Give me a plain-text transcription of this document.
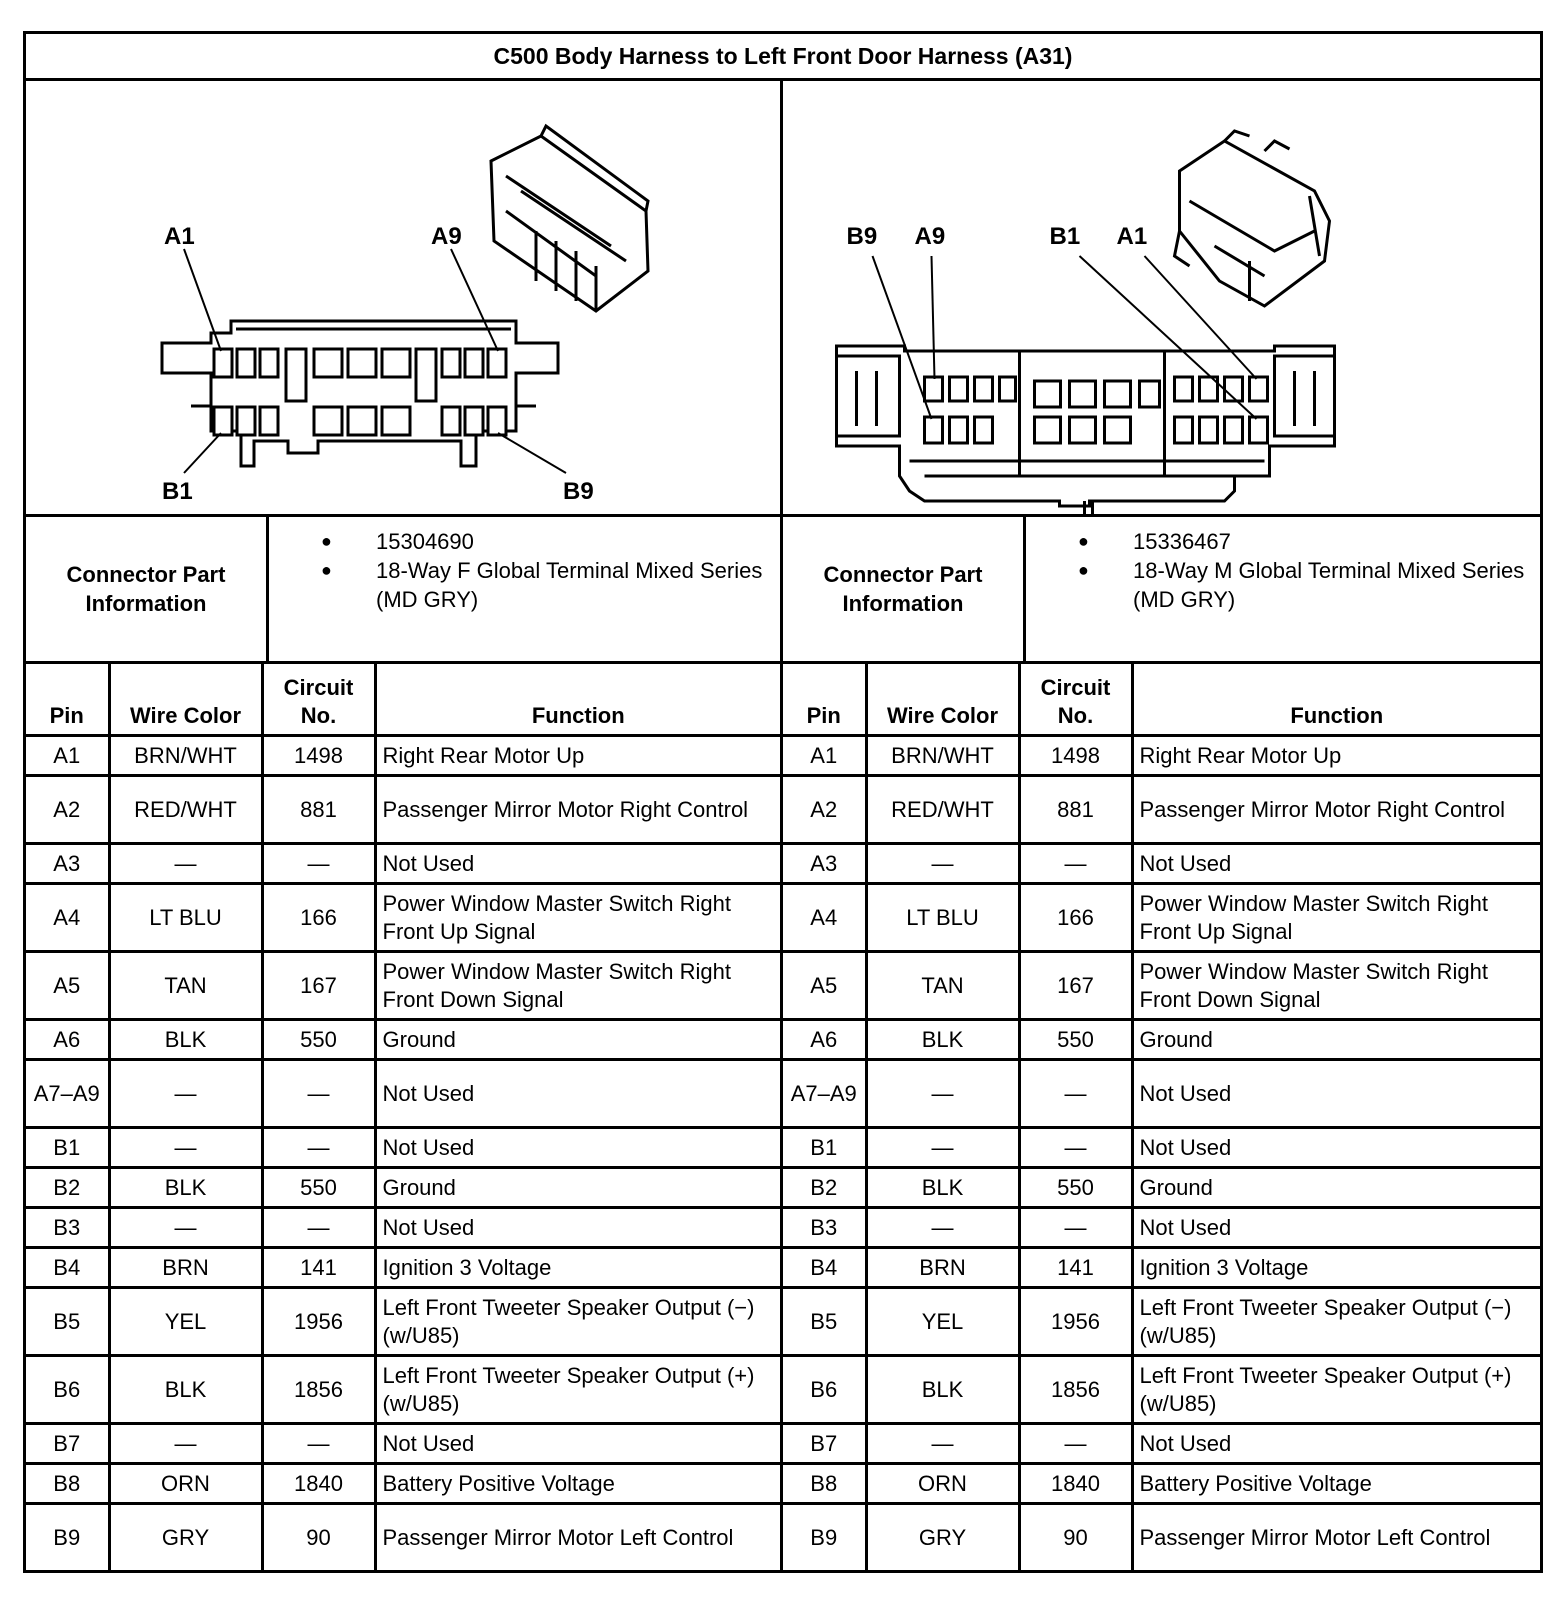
C500 Body Harness to Left Front Door Harness (A31)
A1	A9
B1	B9
B9 A9	B1 A1
Connector Part Information
●	15304690
●	18-Way F Global Terminal Mixed Series (MD GRY)
Connector Part Information
●	15336467
●	18-Way M Global Terminal Mixed Series (MD GRY)
Pin	Wire Color	Circuit No.	Function
A1	BRN/WHT	1498	Right Rear Motor Up
A2	RED/WHT	881	Passenger Mirror Motor Right Control
A3	—	—	Not Used
A4	LT BLU	166	Power Window Master Switch Right Front Up Signal
A5	TAN	167	Power Window Master Switch Right Front Down Signal
A6	BLK	550	Ground
A7–A9	—	—	Not Used
B1	—	—	Not Used
B2	BLK	550	Ground
B3	—	—	Not Used
B4	BRN	141	Ignition 3 Voltage
B5	YEL	1956	Left Front Tweeter Speaker Output (−) (w/U85)
B6	BLK	1856	Left Front Tweeter Speaker Output (+) (w/U85)
B7	—	—	Not Used
B8	ORN	1840	Battery Positive Voltage
B9	GRY	90	Passenger Mirror Motor Left Control
Pin	Wire Color	Circuit No.	Function
A1	BRN/WHT	1498	Right Rear Motor Up
A2	RED/WHT	881	Passenger Mirror Motor Right Control
A3	—	—	Not Used
A4	LT BLU	166	Power Window Master Switch Right Front Up Signal
A5	TAN	167	Power Window Master Switch Right Front Down Signal
A6	BLK	550	Ground
A7–A9	—	—	Not Used
B1	—	—	Not Used
B2	BLK	550	Ground
B3	—	—	Not Used
B4	BRN	141	Ignition 3 Voltage
B5	YEL	1956	Left Front Tweeter Speaker Output (−) (w/U85)
B6	BLK	1856	Left Front Tweeter Speaker Output (+) (w/U85)
B7	—	—	Not Used
B8	ORN	1840	Battery Positive Voltage
B9	GRY	90	Passenger Mirror Motor Left Control
